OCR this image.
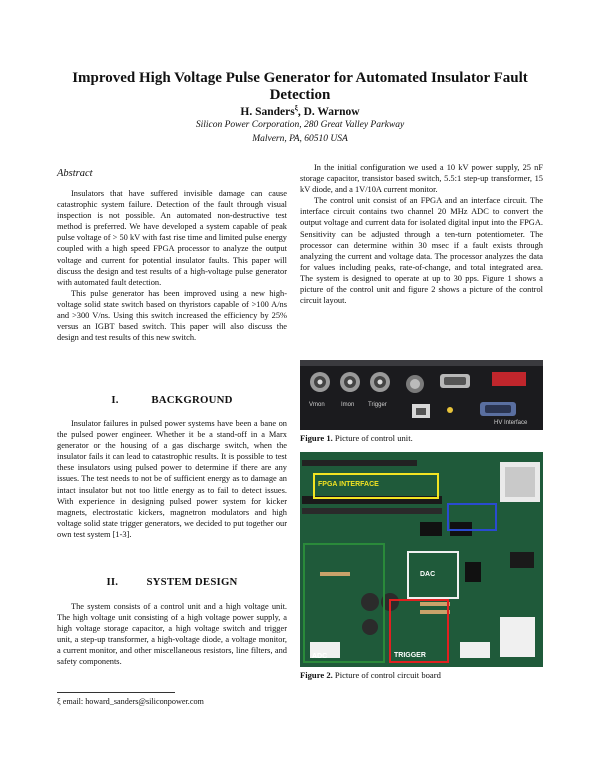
Improved High Voltage Pulse Generator for Automated Insulator Fault Detection
H. Sanders$^\xi$, D. Warnow
Silicon Power Corporation, 280 Great Valley Parkway
Malvern, PA, 60510 USA
Abstract

Insulators that have suffered invisible damage can cause catastrophic system failure. Detection of the fault through visual inspection is not possible. An automated non-destructive test method is preferred. We have developed a system capable of peak pulse voltage of > 50 kV with fast rise time and limited pulse energy coupled with a high speed FPGA processor to analyze the output voltage and current for potential insulator faults. This paper will discuss the design and test results of a high-voltage pulse generator with automated fault detection.

This pulse generator has been improved using a new high-voltage solid state switch based on thyristors capable of >100 A/ns and >300 V/ns. Using this switch increased the efficiency by 25% versus an IGBT based switch. This paper will also discuss the design and test results of this new switch.

I.	BACKGROUND

Insulator failures in pulsed power systems have been a bane on the pulsed power engineer. Whether it be a stand-off in a Marx generator or the housing of a gas discharge switch, when the insulator fails it can lead to catastrophic results. It is possible to test these insulators using pulsed power to determine if there are any issues. The test needs to not be of sufficient energy as to damage an intact insulator but not too little energy as to fail to detect issues. With experience in designing pulsed power system for kicker magnets, electrostatic kickers, magnetron modulators and high voltage solid state trigger generators, we decided to put together our own test system [1-3].

II.	SYSTEM DESIGN

The system consists of a control unit and a high voltage unit. The high voltage unit consisting of a high voltage power supply, a high voltage storage capacitor, a high voltage switch and trigger unit, a step-up transformer, a high-voltage diode, a voltage monitor, a current monitor, and other miscellaneous resistors, line filters, and safety components.

ξ email: howard_sanders@siliconpower.com

In the initial configuration we used a 10 kV power supply, 25 nF storage capacitor, transistor based switch, 5.5:1 step-up transformer, 15 kV diode, and a 1V/10A current monitor.

The control unit consist of an FPGA and an interface circuit. The interface circuit contains two channel 20 MHz ADC to convert the output voltage and current data for isolated digital input into the FPGA. Sensitivity can be adjusted through a ten-turn potentiometer. The processor can determine within 30 msec if a fault exists through analyzing the current and voltage data. The processor analyzes the data for values including peaks, rate-of-change, and total integrated area. The system is designed to operate at up to 30 pps. Figure 1 shows a picture of the control unit and figure 2 shows a picture of the control circuit layout.

Vmon	Imon Trigger
HV Interface
Figure 1. Picture of control unit.
FPGA INTERFACE
DAC
ADC	TRIGGER
Figure 2. Picture of control circuit board
